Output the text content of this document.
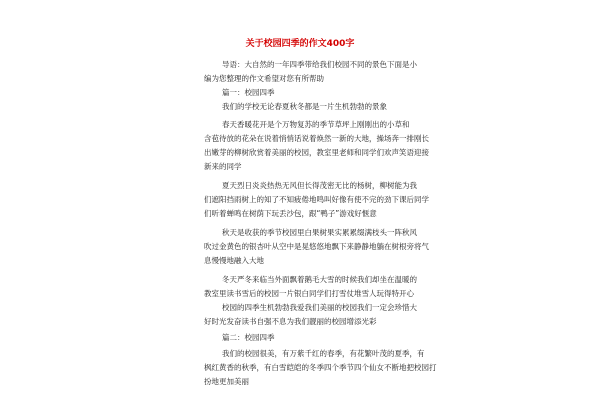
关于校园四季的作文400字
导语：大自然的一年四季带给我们校园不同的景色下面是小
编为您整理的作文希望对您有所帮助
篇一：校园四季
我们的学校无论春夏秋冬都是一片生机勃勃的景象
春天香暖花开是个万物复苏的季节草坪上刚刚出的小草和
含苞待放的花朵在说着悄悄话说着焕然一新的大地，操场奔一排刚长
出嫩芽的柳树欣赏着美丽的校园，教室里老师和同学们欢声笑语迎接
新来的同学
夏天烈日炎炎热热无风但长得茂密无比的杨树，柳树能为我
们遮阳挡雨树上的知了不知疲倦地鸣叫好像有使不完的劲下课后同学
们听着蝉鸣在树荫下玩丢沙包，跟“鸭子”游戏好惬意
秋天是收获的季节校园里白果树果实累累缀满枝头一阵秋风
吹过金黄色的银杏叶从空中是晃悠悠地飘下来静静地躺在树根旁将气
息慢慢地融入大地
冬天严冬来临当外面飘着鹅毛大雪的时候我们却坐在温暖的
教室里读书雪后的校园一片银白同学们打雪仗堆雪人玩得特开心
校园的四季生机勃勃我爱我们美丽的校园我们一定会珍惜大
好时光发奋读书自强不息为我们靓丽的校园增添光彩
篇二：校园四季
我们的校园很美，有万紫千红的春季，有花繁叶茂的夏季，有
枫红黄香的秋季，有白雪皑皑的冬季四个季节四个仙女不断地把校园打
扮地更加美丽
